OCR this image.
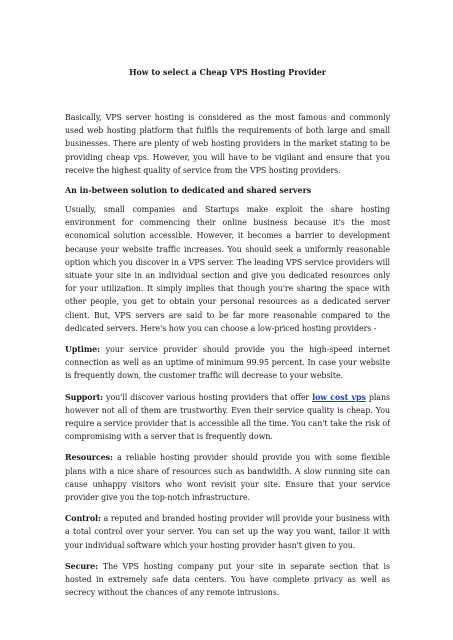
How to select a Cheap VPS Hosting Provider

Basically, VPS server hosting is considered as the most famous and commonly used web hosting platform that fulfils the requirements of both large and small businesses. There are plenty of web hosting providers in the market stating to be providing cheap vps. However, you will have to be vigilant and ensure that you receive the highest quality of service from the VPS hosting providers.

An in-between solution to dedicated and shared servers

Usually, small companies and Startups make exploit the share hosting environment for commencing their online business because it's the most economical solution accessible. However, it becomes a barrier to development because your website traffic increases. You should seek a uniformly reasonable option which you discover in a VPS server. The leading VPS service providers will situate your site in an individual section and give you dedicated resources only for your utilization. It simply implies that though you're sharing the space with other people, you get to obtain your personal resources as a dedicated server client. But, VPS servers are said to be far more reasonable compared to the dedicated servers. Here's how you can choose a low-priced hosting providers -

Uptime: your service provider should provide you the high-speed internet connection as well as an uptime of minimum 99.95 percent. In case your website is frequently down, the customer traffic will decrease to your website.

Support: you'll discover various hosting providers that offer low cost vps plans however not all of them are trustworthy. Even their service quality is cheap. You require a service provider that is accessible all the time. You can't take the risk of compromising with a server that is frequently down.

Resources: a reliable hosting provider should provide you with some flexible plans with a nice share of resources such as bandwidth. A slow running site can cause unhappy visitors who wont revisit your site. Ensure that your service provider give you the top-notch infrastructure.

Control: a reputed and branded hosting provider will provide your business with a total control over your server. You can set up the way you want, tailor it with your individual software which your hosting provider hasn't given to you.

Secure: The VPS hosting company put your site in separate section that is hosted in extremely safe data centers. You have complete privacy as well as secrecy without the chances of any remote intrusions.
